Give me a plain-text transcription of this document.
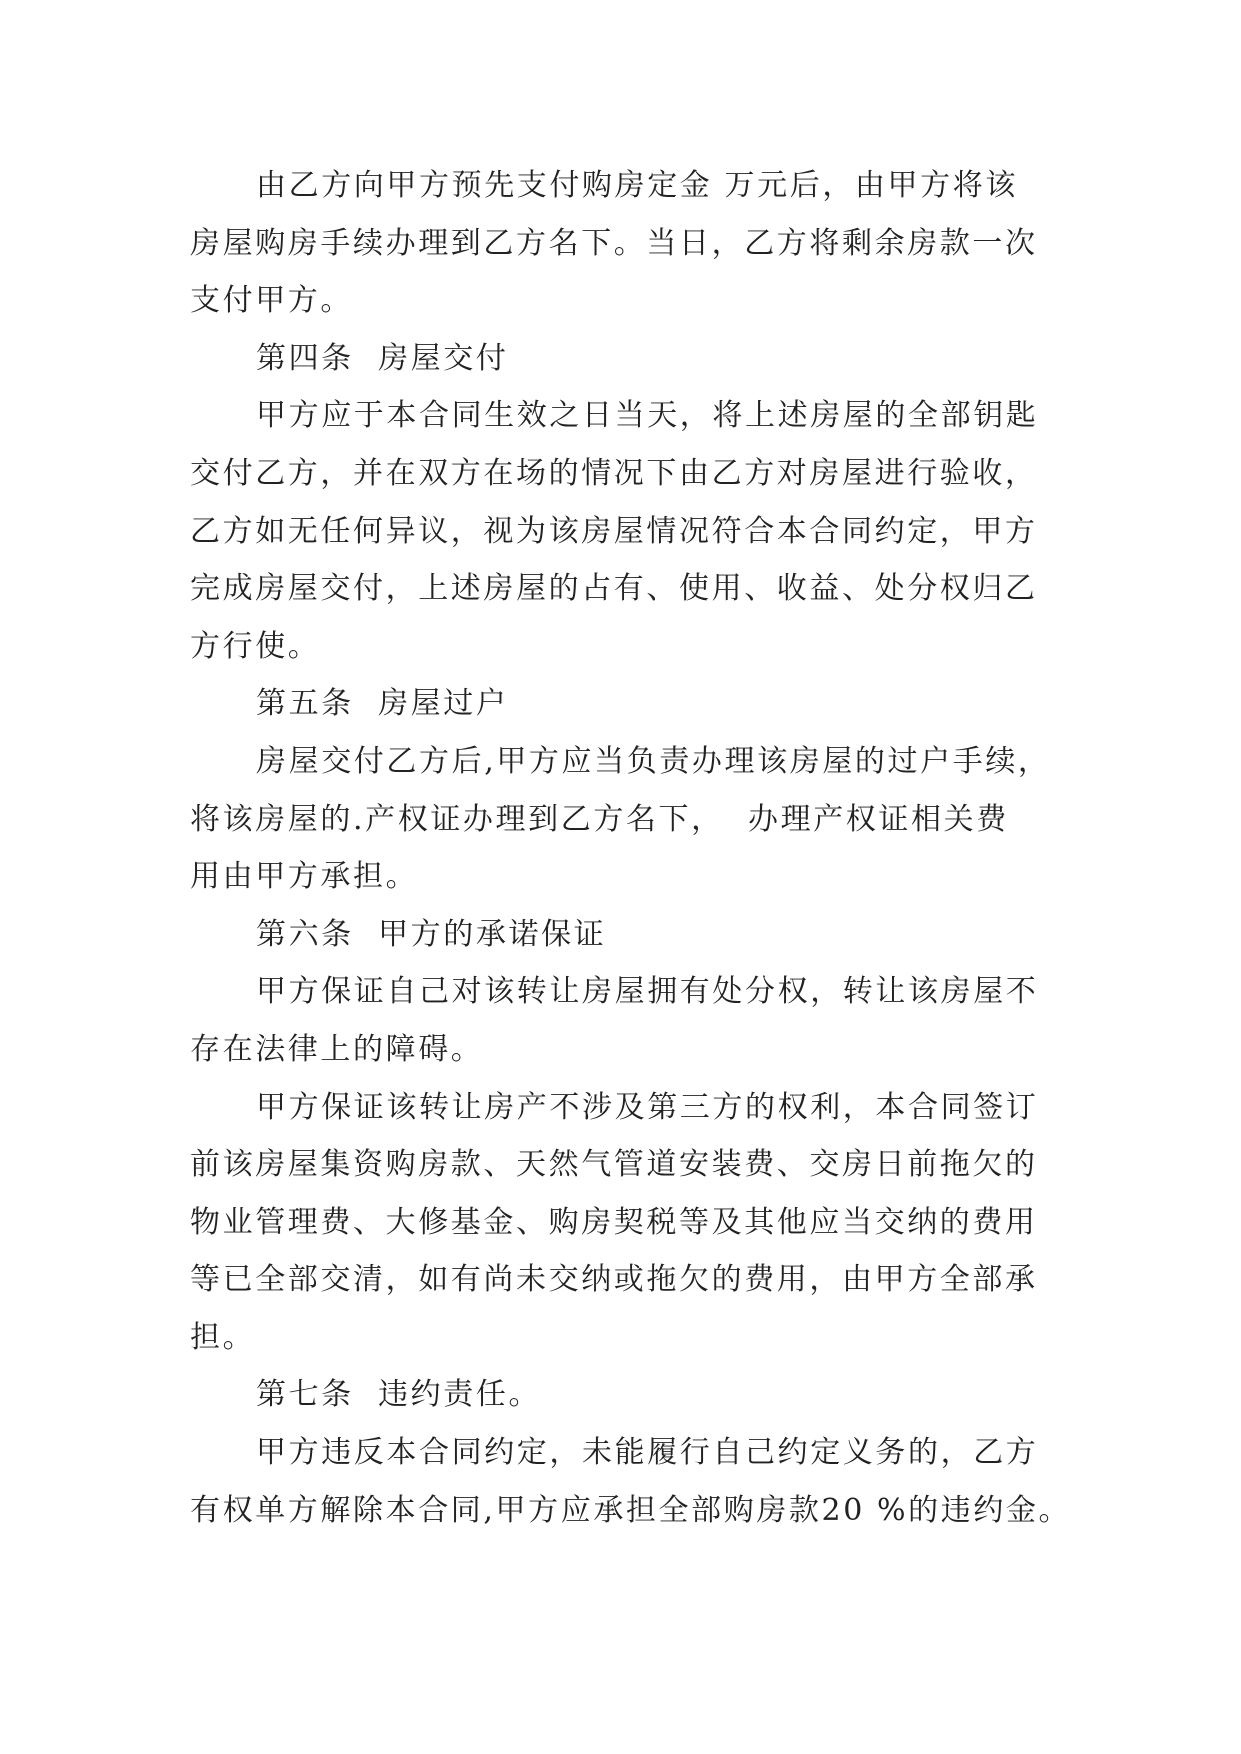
由乙方向甲方预先支付购房定金 万元后，由甲方将该
房屋购房手续办理到乙方名下。当日，乙方将剩余房款一次
支付甲方。
第四条  房屋交付
甲方应于本合同生效之日当天，将上述房屋的全部钥匙
交付乙方，并在双方在场的情况下由乙方对房屋进行验收，
乙方如无任何异议，视为该房屋情况符合本合同约定，甲方
完成房屋交付，上述房屋的占有、使用、收益、处分权归乙
方行使。
第五条  房屋过户
房屋交付乙方后,甲方应当负责办理该房屋的过户手续，
将该房屋的.产权证办理到乙方名下，  办理产权证相关费
用由甲方承担。
第六条  甲方的承诺保证
甲方保证自己对该转让房屋拥有处分权，转让该房屋不
存在法律上的障碍。
甲方保证该转让房产不涉及第三方的权利，本合同签订
前该房屋集资购房款、天然气管道安装费、交房日前拖欠的
物业管理费、大修基金、购房契税等及其他应当交纳的费用
等已全部交清，如有尚未交纳或拖欠的费用，由甲方全部承
担。
第七条  违约责任。
甲方违反本合同约定，未能履行自己约定义务的，乙方
有权单方解除本合同,甲方应承担全部购房款20 %的违约金。
